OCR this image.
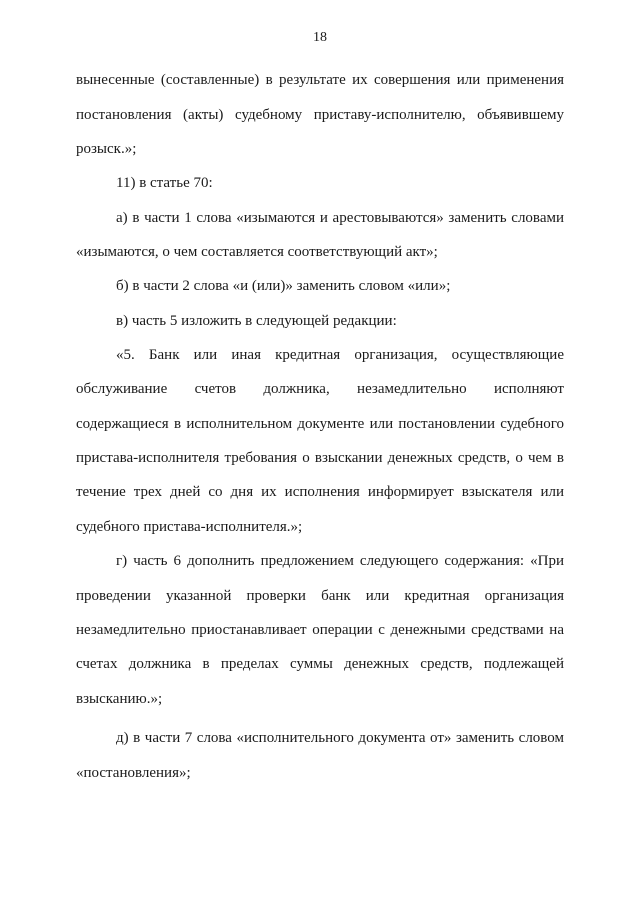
18
вынесенные (составленные) в результате их совершения или применения
постановления (акты) судебному приставу-исполнителю, объявившему
розыск.»;
11) в статье 70:
а) в части 1 слова «изымаются и арестовываются» заменить словами
«изымаются, о чем составляется соответствующий акт»;
б) в части 2 слова «и (или)» заменить словом «или»;
в) часть 5 изложить в следующей редакции:
«5. Банк или иная кредитная организация, осуществляющие
обслуживание счетов должника, незамедлительно исполняют
содержащиеся в исполнительном документе или постановлении судебного
пристава-исполнителя требования о взыскании денежных средств, о чем в
течение трех дней со дня их исполнения информирует взыскателя или
судебного пристава-исполнителя.»;
г) часть 6 дополнить предложением следующего содержания: «При
проведении указанной проверки банк или кредитная организация
незамедлительно приостанавливает операции с денежными средствами на
счетах должника в пределах суммы денежных средств, подлежащей
взысканию.»;
д) в части 7 слова «исполнительного документа от» заменить словом
«постановления»;
